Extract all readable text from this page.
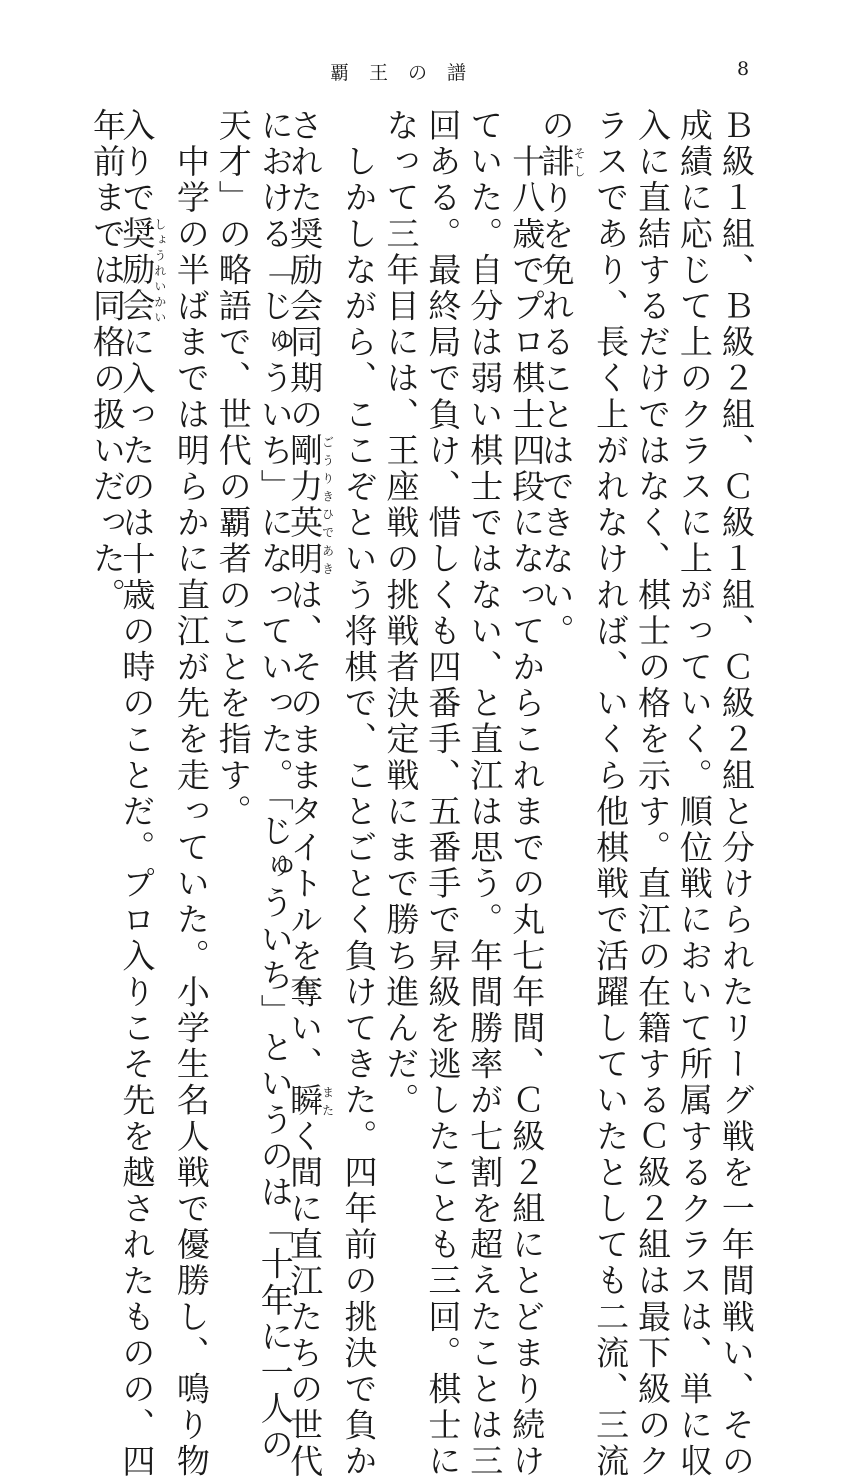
覇王の譜	8
Ｂ級１組、Ｂ級２組、Ｃ級１組、Ｃ級２組と分けられたリーグ戦を一年間戦い、その
成績に応じて上のクラスに上がっていく。順位戦において所属するクラスは、単に収
入に直結するだけではなく、棋士の格を示す。直江の在籍するＣ級２組は最下級のク
ラスであり、長く上がれなければ、いくら他棋戦で活躍していたとしても二流、三流
の誹そしりを免れることはできない。
　十八歳でプロ棋士四段になってからこれまでの丸七年間、Ｃ級２組にとどまり続け
ていた。自分は弱い棋士ではない、と直江は思う。年間勝率が七割を超えたことは三
回ある。最終局で負け、惜しくも四番手、五番手で昇級を逃したことも三回。棋士に
なって三年目には、王座戦の挑戦者決定戦にまで勝ち進んだ。
　しかしながら、ここぞという将棋で、ことごとく負けてきた。四年前の挑決で負か
された奨励会同期の剛力英明ごうりきひであきは、そのままタイトルを奪い、瞬またく間に直江たちの世代
における「じゅういち」になっていった。「じゅういち」というのは「十年に一人の
天才」の略語で、世代の覇者のことを指す。
　中学の半ばまでは明らかに直江が先を走っていた。小学生名人戦で優勝し、鳴り物
入りで奨励会しょうれいかいに入ったのは十歳の時のことだ。プロ入りこそ先を越されたものの、四
年前までは同格の扱いだった。
